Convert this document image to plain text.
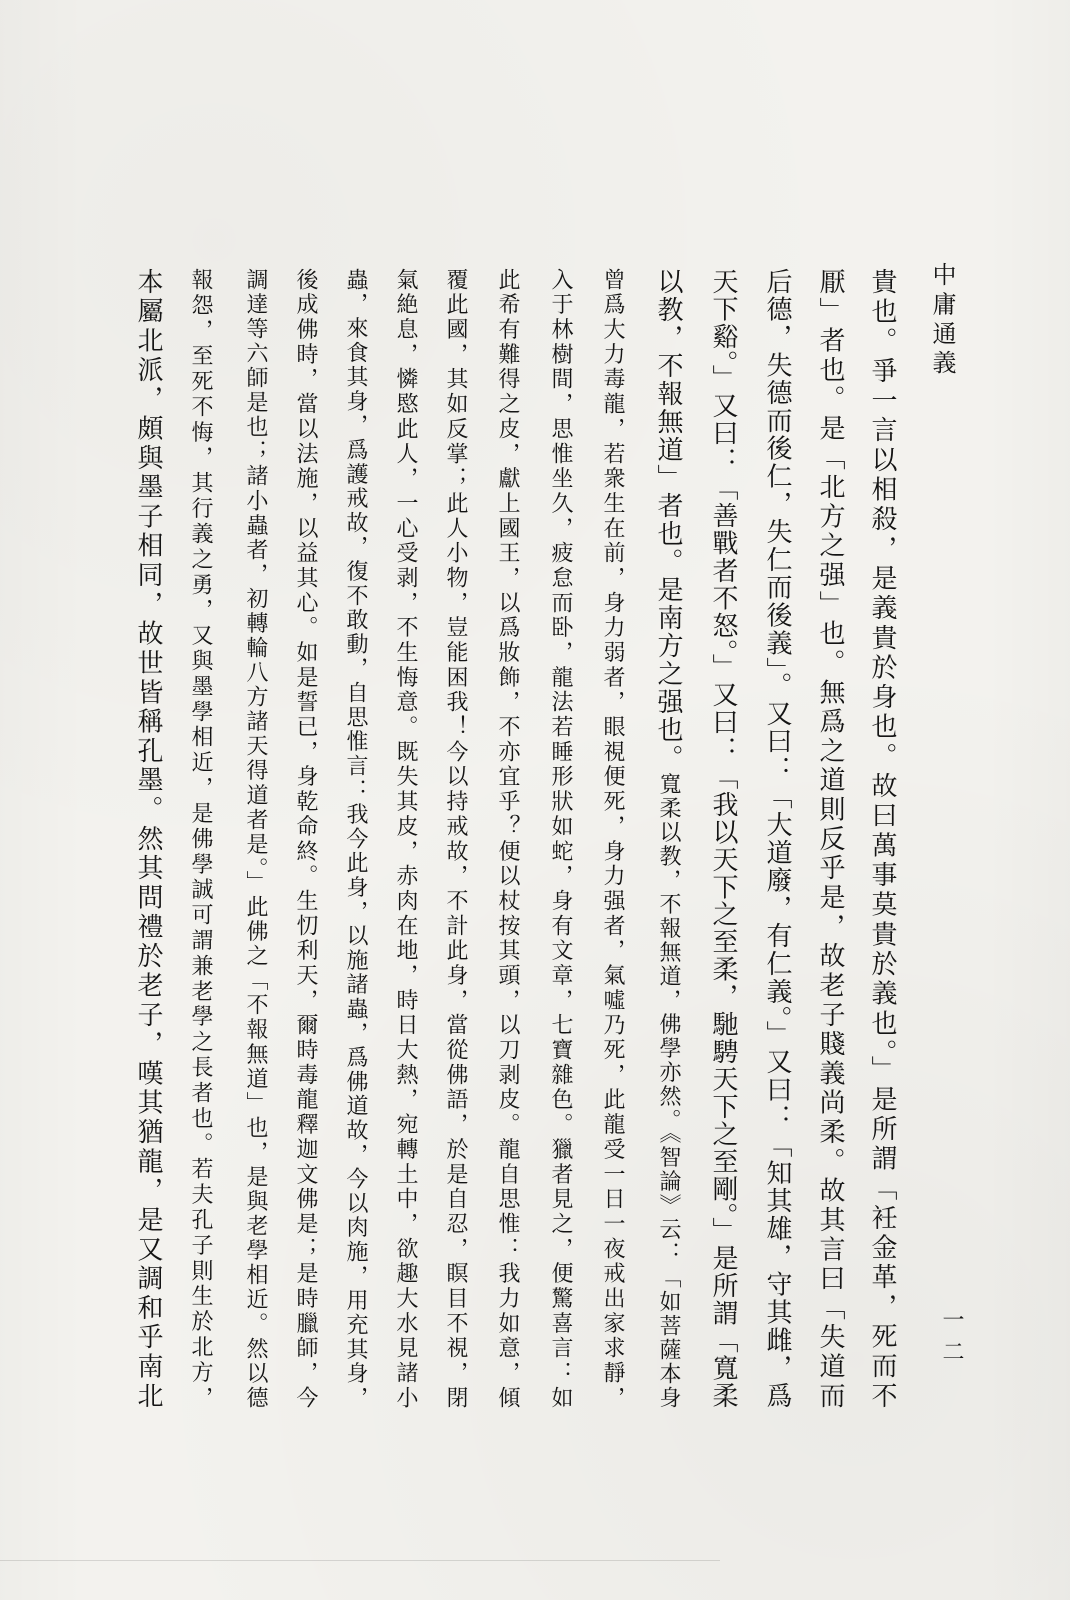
中庸通義
一二
貴也。爭一言以相殺，是義貴於身也。故曰萬事莫貴於義也。」是所謂「衽金革，死而不
厭」者也。是「北方之强」也。無爲之道則反乎是，故老子賤義尚柔。故其言曰「失道而
后德，失德而後仁，失仁而後義」。又曰：「大道廢，有仁義。」又曰：「知其雄，守其雌，爲
天下谿。」又曰：「善戰者不怒。」又曰：「我以天下之至柔，馳騁天下之至剛。」是所謂「寬柔
以教，不報無道」者也。是南方之强也。寬柔以教，不報無道，佛學亦然。《智論》云：「如菩薩本身
曾爲大力毒龍，若衆生在前，身力弱者，眼視便死，身力强者，氣噓乃死，此龍受一日一夜戒出家求靜，
入于林樹間，思惟坐久，疲怠而卧，龍法若睡形狀如蛇，身有文章，七寶雜色。獵者見之，便驚喜言：如
此希有難得之皮，獻上國王，以爲妝飾，不亦宜乎？便以杖按其頭，以刀剥皮。龍自思惟：我力如意，傾
覆此國，其如反掌；此人小物，豈能困我！今以持戒故，不計此身，當從佛語，於是自忍，瞑目不視，閉
氣絶息，憐愍此人，一心受剥，不生悔意。既失其皮，赤肉在地，時日大熱，宛轉土中，欲趣大水見諸小
蟲，來食其身，爲護戒故，復不敢動，自思惟言：我今此身，以施諸蟲，爲佛道故，今以肉施，用充其身，
後成佛時，當以法施，以益其心。如是誓已，身乾命終。生忉利天，爾時毒龍釋迦文佛是；是時臘師，今
調達等六師是也；諸小蟲者，初轉輪八方諸天得道者是。」此佛之「不報無道」也，是與老學相近。然以德
報怨，至死不悔，其行義之勇，又與墨學相近，是佛學誠可謂兼老學之長者也。若夫孔子則生於北方，
本屬北派，頗與墨子相同，故世皆稱孔墨。然其問禮於老子，嘆其猶龍，是又調和乎南北
